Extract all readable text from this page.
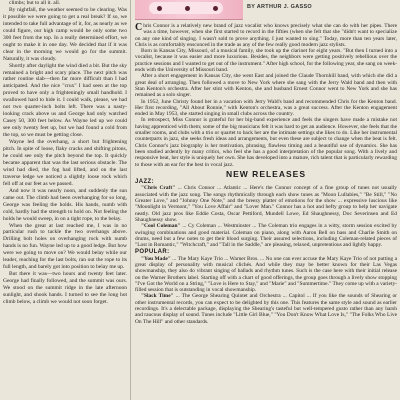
climbs; but to all it. all.

By nightfall, the weather seemed to be clearing. Was it possible we were going to get a real break? If so, we intended to take full advantage of it, for, as nearly as we could figure, our high camp would be only some two 300 feet from the top. In a really determined effort, we ought to make it in one day. We decided that if it was clear in the morning we would go for the summit. Naturally, it was cloudy.

Shortly after daylight the wind died a bit. But the sky remained a bright and scary place. The next pitch was rather routine slab—then far more difficult than I had anticipated. And the nice "crux" I had seen at the top proved to have only a frighteningly small handhold. I swallowed hard to hide it. I could walk, please, we had not two quarter-inch bolts left. There was a nasty-looking crack above us and George had only watched Casey 50, 300 feet below. As Wayne led up we could see only twenty feet up, but we had found a cold from the top, so we must be getting close.

Wayne led the overhang, a short but frightening pitch. In spite of loose, flaky cracks and shifting pitons, he could see only the pitch beyond the top. It quickly became apparent that was the last serious obstacle. The wind had died, the fog had lifted, and on the last traverse ledge we noticed a slightly loose rock which fell off at our feet as we passed.

And now it was nearly noon, and suddenly the sun came out. The climb had been overhanging for so long, George was feeling the holds. His hands, numb with cold, hardly had the strength to hold on. Not feeling the holds he would sweep, in on a tight rope, to the belay.

When the great at last reached me, I was in no particular rush to tackle the two overhangs above. Drilling bolt holes on overhanging rock with numb hands is no fun. Wayne led up to a good ledge. But how were we going to move on? We would belay while our leader, reaching for the last bolts, ran out the rope to its full length, and barely got into position to belay me up.

But there it was—two hours and twenty feet later. George had finally followed, and the summit was ours. We stood on the summit ridge in the late afternoon sunlight, and shook hands. I turned to see the long hot climb below, a climb we would not soon forget.

BY ARTHUR J. GASSO

Chris Connor is a relatively new brand of jazz vocalist who knows precisely what she can do with her pipes. There was a time, however, when she first started to record in the fifties (when she felt that she "didn't want to specialize on any one kind of singing. I wasn't sold to prove anything. I just wanted to sing." Today, more than ten years later, Chris is as comfortably ensconced in the trade as any of the few really good modern jazz stylists.

Born in Kansas City, Missouri, of a musical family, she took up the clarinet for eight years. "But then I turned into a vocalist, because it was easier and more luxurious. Besides, the neighbors were getting positively rebellious over the practice sessions and I wanted to get out of the instrument." After high school, for the following year, she sang on week-ends with the University of Missouri band.

After a short engagement in Kansas City, she went East and joined the Claude Thornhill band, with which she did a great deal of arranging. Then followed a move to New York where she sang with the Jerry Wald band and then with Stan Kenton's orchestra. After her stint with Kenton, she and husband Ernest Connor went to New York and she has remained as a solo singer.

In 1952, June Christy found her in a vacation with Jerry Wald's band and recommended Chris for the Kenton band. Her first recording, "All About Ronnie," with Kenton's orchestra, was a great success. After the Kenton engagement ended in May 1953, she started singing in small clubs across the country.

In retrospect, Miss Connor is grateful for her big-band experience and feels the singers have made a mistake not having apprenticed with them; some of the big musicians felt it was hard to get an audience. However, she feels that the smaller rooms, and clubs with a trio or quartet to back her are the intimate settings she likes to do. Like her instrumental counterparts in jazz, she seeks fresh ideas and arrangements, but even these are subject to change when the beat is felt. Chris Connor's jazz biography is her motivation, phrasing, flawless timing and a beautiful use of dynamics. She has been studied ardently by many critics, who feel she has a good interpretation of the popular song. With a lively and responsive beat, her style is uniquely her own. She has developed into a mature, rich talent that is particularly rewarding to those with an ear for the best in vocal jazz.

NEW RELEASES
JAZZ:

"Chris Craft" ... Chris Connor ... Atlantic ... Here's the Connor concept of a fine group of tunes not usually associated with the jazz song. The songs rhythmically through each show tunes as "Moon Lullabies," "Be Still," "No Greater Love," and "Johnny One Note," and the breezy platter of emotions for the show ... expressive luscious like "Moonlight in Vermont," "You Love Affair" and "Lover Man." Connor has a hot and hefty group to help her navigate neatly. Old jazz pros like Eddie Costa, Oscar Pettiford, Mundell Lowe, Ed Shaughnessy, Doc Severinsen and Ed Shaughnessy show.

"Cool Coleman" ... Cy Coleman ... Westminster ... The Coleman trio engages in a witty, storm session excited by swinging combinations and good material. Coleman on piano, along with Aaron Bell on bass and Charlie Smith on drums, need but a few notes to get their blood surging. Their assured selections, including Coleman-related pieces of "Lost in Romantic," "Witchcraft," and "Tall in the Saddle," are pleasing, relaxed, unpretentious and lightly happy.

POPULAR:

"You Made" ... The Mary Kaye Trio ... Warner Bros. ... No one can ever accuse the Mary Kaye Trio of not putting a great display of personality with musical clichés. And while they may be better known for their Las Vegas showmanship, they also do vibrant singing of ballads and rhythm tunes. Such is the case here with their initial release on the Warner Brothers label. Starting off with a chart of good offerings, the group goes through a lively show stopping "I've Got the World on a String," "Love is Here to Stay," and "Marie" and "Summertime." They come up with a variety-filled session that is outstanding in vocal showmanship.

"Slack Time" ... The George Shearing Quintet and Orchestra ... Capitol ... If you like the sounds of Shearing or other instrumental records, you can expect to be delighted by this one. This features the same style and sound as earlier recordings. It's a delectable package, displaying the Shearing's tasteful but well-tempered gusto rather than any harsh and raucous display of sound. Tunes include "Little Girl Blue," "You Don't Know What Love Is," "The Folks Who Live On The Hill" and other standards.
